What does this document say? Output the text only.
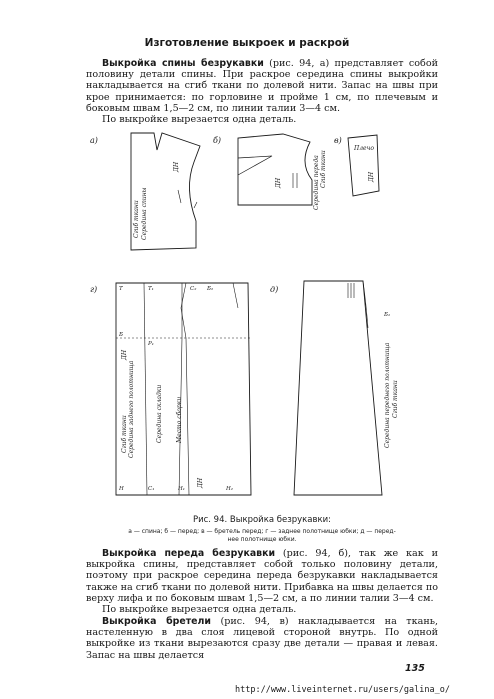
Изготовление выкроек и раскрой

Выкройка спины безрукавки (рис. 94, а) представляет собой половину детали спины. При раскрое середина спины выкройки накладывается на сгиб ткани по долевой нити. Запас на швы при крое принимается: по горловине и пройме 1 см, по плечевым и боковым швам 1,5—2 см, по линии талии 3—4 см.

По выкройке вырезается одна деталь.

а)	б)	в)
г)	д)
Сгиб ткани Середина спины
ДН	Середина переда Сгиб ткани
ДН
Плечо
ДН
Сгиб ткани Середина заднего полотнища	Середина складки Место сборки
ДН
ДН
Т
Б
Т₁	С₂ Б₂
Р₁
С₁
Н	Н₁	Н₂
Середина переднего полотнища Сгиб ткани
Б₁
Рис. 94. Выкройка безрукавки:
а — спина; б — перед; в — бретель перед; г — заднее полотнище юбки; д — перед-
нее полотнище юбки.

Выкройка переда безрукавки (рис. 94, б), так же как и выкройка спины, представляет собой только половину детали, поэтому при раскрое середина переда безрукавки накладывается также на сгиб ткани по долевой нити. Прибавка на швы делается по верху лифа и по боковым швам 1,5—2 см, а по линии талии 3—4 см.

По выкройке вырезается одна деталь.

Выкройка бретели (рис. 94, в) накладывается на ткань, настеленную в два слоя лицевой стороной внутрь. По одной выкройке из ткани вырезаются сразу две детали — правая и левая. Запас на швы делается

135
http://www.liveinternet.ru/users/galina_o/
